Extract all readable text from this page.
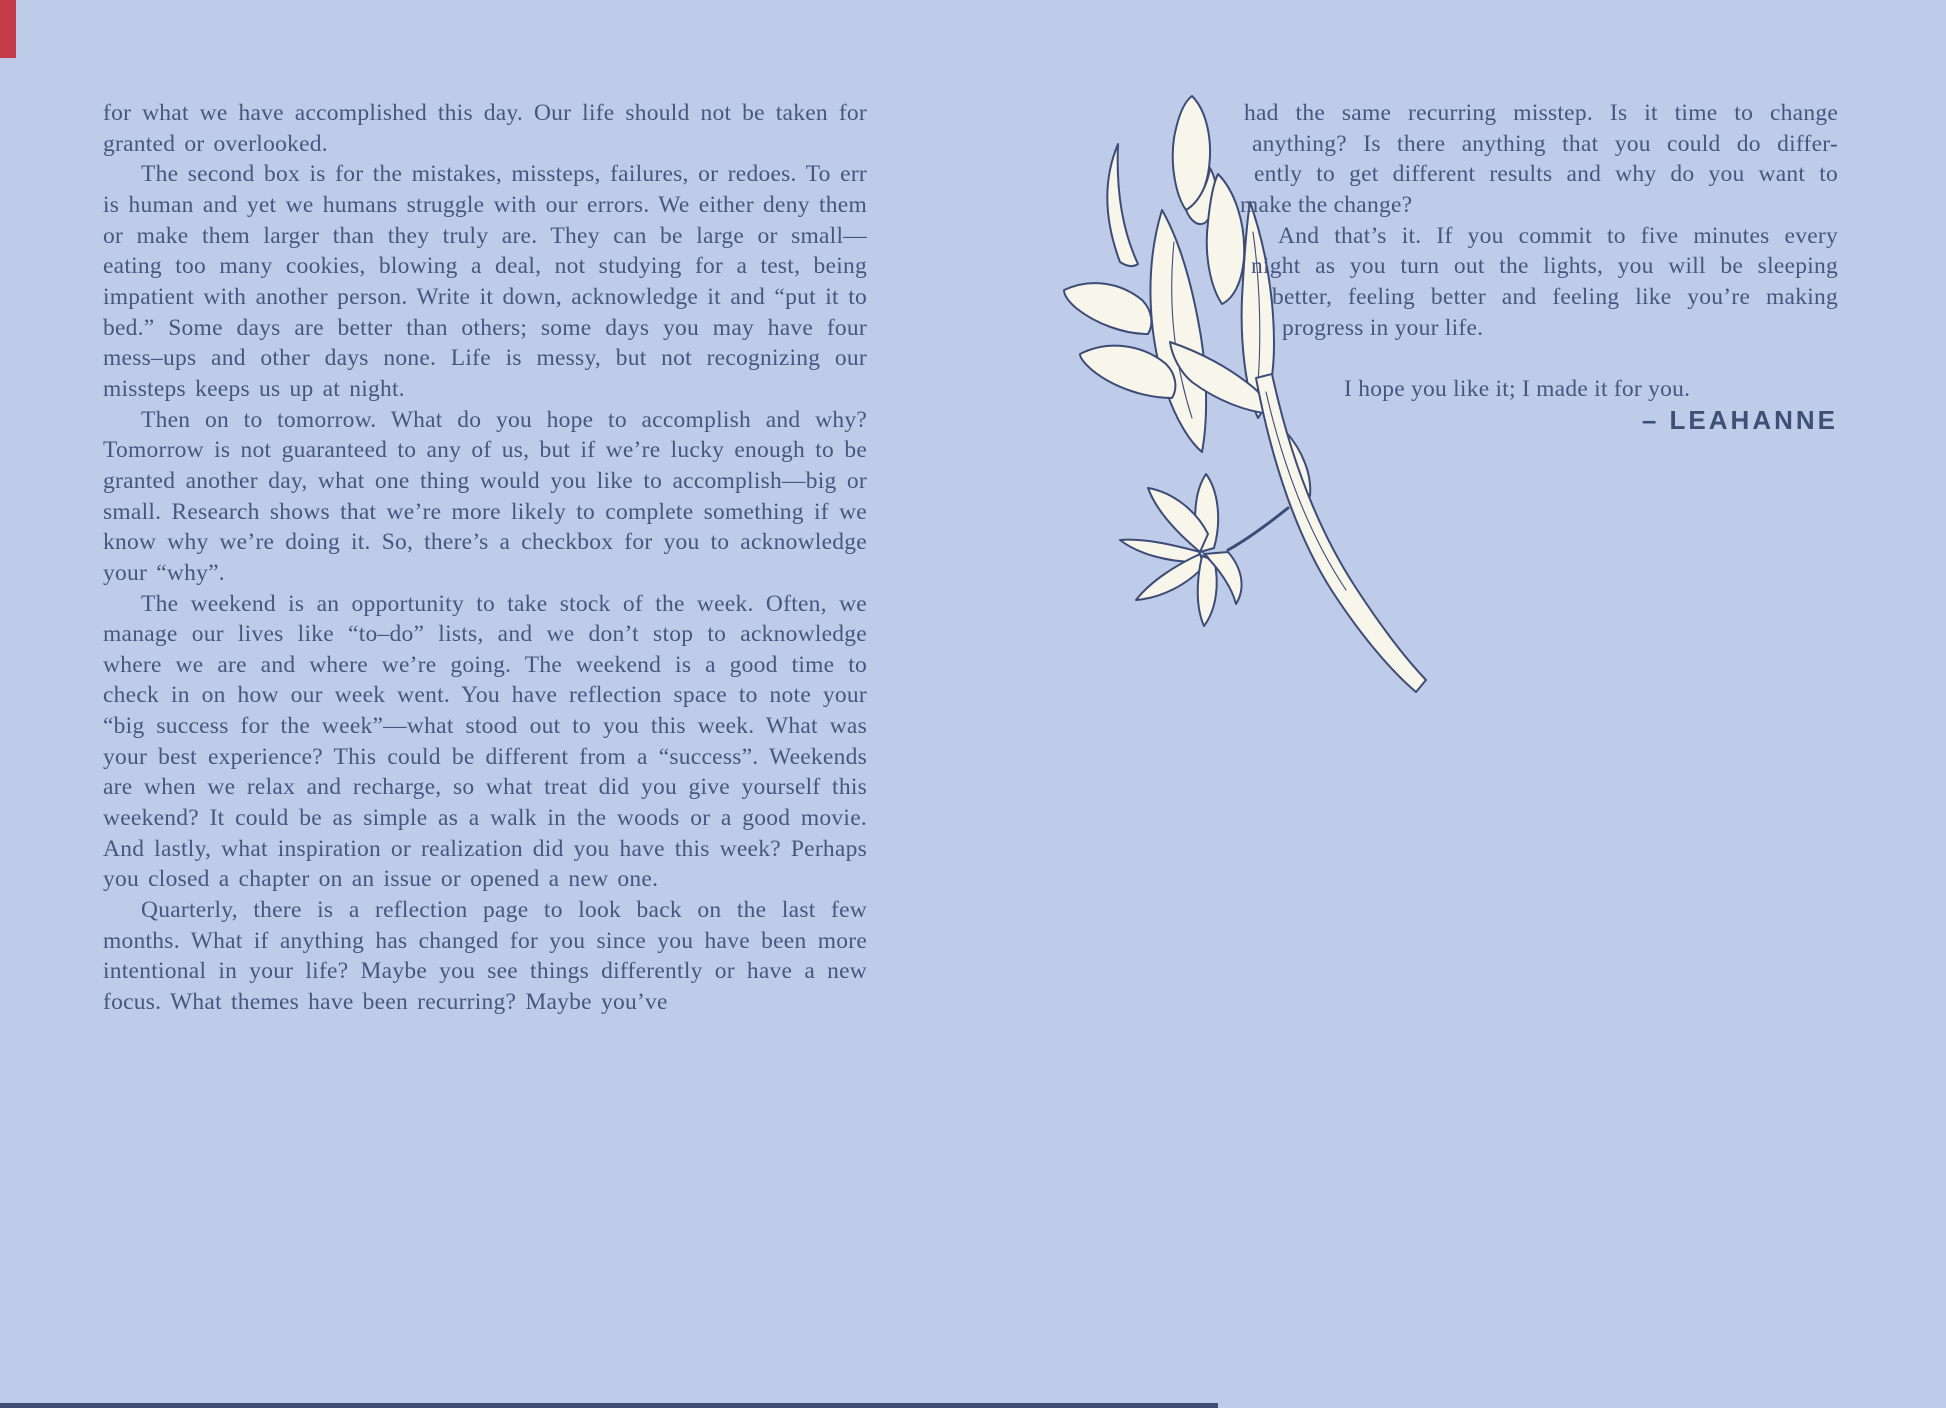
for what we have accomplished this day. Our life should not be taken for granted or overlooked.

The second box is for the mistakes, missteps, failures, or redoes. To err is human and yet we humans struggle with our errors. We either deny them or make them larger than they truly are. They can be large or small—eating too many cookies, blowing a deal, not studying for a test, being impatient with another person. Write it down, acknowledge it and “put it to bed.” Some days are better than others; some days you may have four mess–ups and other days none. Life is messy, but not recognizing our missteps keeps us up at night.

Then on to tomorrow. What do you hope to accomplish and why? Tomorrow is not guaranteed to any of us, but if we’re lucky enough to be granted another day, what one thing would you like to accomplish—big or small. Research shows that we’re more likely to complete something if we know why we’re doing it. So, there’s a checkbox for you to acknowledge your “why”.

The weekend is an opportunity to take stock of the week. Often, we manage our lives like “to–do” lists, and we don’t stop to acknowledge where we are and where we’re going. The weekend is a good time to check in on how our week went. You have reflection space to note your “big success for the week”—what stood out to you this week. What was your best experience? This could be different from a “success”. Weekends are when we relax and recharge, so what treat did you give yourself this weekend? It could be as simple as a walk in the woods or a good movie. And lastly, what inspiration or realization did you have this week? Perhaps you closed a chapter on an issue or opened a new one.

Quarterly, there is a reflection page to look back on the last few months. What if anything has changed for you since you have been more intentional in your life? Maybe you see things differently or have a new focus. What themes have been recurring? Maybe you’ve

had the same recurring misstep. Is it time to change
anything? Is there anything that you could do differ-
ently to get different results and why do you want to
make the change?
And that’s it. If you commit to five minutes every
night as you turn out the lights, you will be sleeping
better, feeling better and feeling like you’re making
progress in your life.
I hope you like it; I made it for you.
– LEAHANNE
